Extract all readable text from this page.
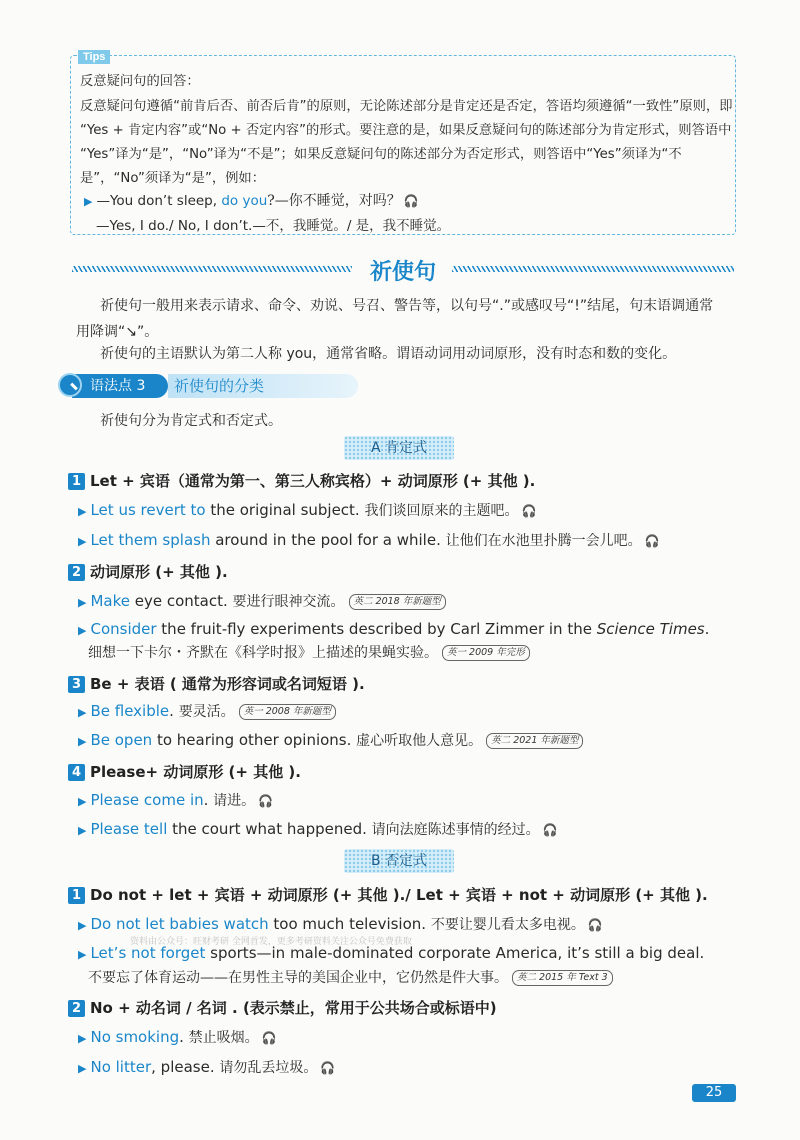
Tips
反意疑问句的回答：
反意疑问句遵循“前肯后否、前否后肯”的原则，无论陈述部分是肯定还是否定，答语均须遵循“一致性”原则，即
“Yes + 肯定内容”或“No + 否定内容”的形式。要注意的是，如果反意疑问句的陈述部分为肯定形式，则答语中
“Yes”译为“是”，“No”译为“不是”；如果反意疑问句的陈述部分为否定形式，则答语中“Yes”须译为“不
是”，“No”须译为“是”，例如：
▶ —You don’t sleep, do you?—你不睡觉，对吗？ 🎧
—Yes, I do./ No, I don’t.—不，我睡觉。/ 是，我不睡觉。
祈使句
祈使句一般用来表示请求、命令、劝说、号召、警告等，以句号“.”或感叹号“!”结尾，句末语调通常
用降调“↘”。
祈使句的主语默认为第二人称 you，通常省略。谓语动词用动词原形，没有时态和数的变化。
语法点 3	祈使句的分类
祈使句分为肯定式和否定式。
A 肯定式
1 Let + 宾语（通常为第一、第三人称宾格）+ 动词原形 (+ 其他 ).
▶ Let us revert to the original subject. 我们谈回原来的主题吧。 🎧
▶ Let them splash around in the pool for a while. 让他们在水池里扑腾一会儿吧。 🎧
2 动词原形 (+ 其他 ).
▶ Make eye contact. 要进行眼神交流。 英二 2018 年新题型
▶ Consider the fruit-fly experiments described by Carl Zimmer in the Science Times.
细想一下卡尔・齐默在《科学时报》上描述的果蝇实验。 英一 2009 年完形
3 Be + 表语 ( 通常为形容词或名词短语 ).
▶ Be flexible. 要灵活。 英一 2008 年新题型
▶ Be open to hearing other opinions. 虚心听取他人意见。 英二 2021 年新题型
4 Please+ 动词原形 (+ 其他 ).
▶ Please come in. 请进。 🎧
▶ Please tell the court what happened. 请向法庭陈述事情的经过。 🎧
B 否定式
1 Do not + let + 宾语 + 动词原形 (+ 其他 )./ Let + 宾语 + not + 动词原形 (+ 其他 ).
▶ Do not let babies watch too much television. 不要让婴儿看太多电视。 🎧
资料由公众号：旺财考研 全网首发，更多考研资料关注公众号免费获取
▶ Let’s not forget sports—in male-dominated corporate America, it’s still a big deal.
不要忘了体育运动——在男性主导的美国企业中，它仍然是件大事。 英二 2015 年 Text 3
2 No + 动名词 / 名词 . (表示禁止，常用于公共场合或标语中)
▶ No smoking. 禁止吸烟。 🎧
▶ No litter, please. 请勿乱丢垃圾。 🎧
25
